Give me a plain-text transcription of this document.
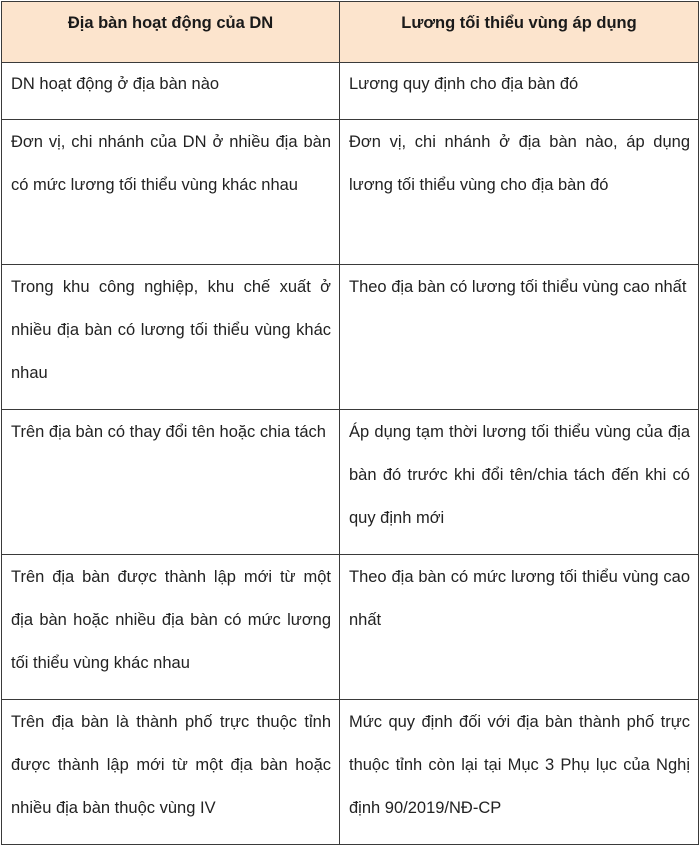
Địa bàn hoạt động của DN	Lương tối thiểu vùng áp dụng

DN hoạt động ở địa bàn nào	Lương quy định cho địa bàn đó

Đơn vị, chi nhánh của DN ở nhiều địa bàn có mức lương tối thiểu vùng khác nhau	Đơn vị, chi nhánh ở địa bàn nào, áp dụng lương tối thiểu vùng cho địa bàn đó

Trong khu công nghiệp, khu chế xuất ở nhiều địa bàn có lương tối thiểu vùng khác nhau	Theo địa bàn có lương tối thiểu vùng cao nhất

Trên địa bàn có thay đổi tên hoặc chia tách	Áp dụng tạm thời lương tối thiểu vùng của địa bàn đó trước khi đổi tên/chia tách đến khi có quy định mới

Trên địa bàn được thành lập mới từ một địa bàn hoặc nhiều địa bàn có mức lương tối thiểu vùng khác nhau	Theo địa bàn có mức lương tối thiểu vùng cao nhất

Trên địa bàn là thành phố trực thuộc tỉnh được thành lập mới từ một địa bàn hoặc nhiều địa bàn thuộc vùng IV	Mức quy định đối với địa bàn thành phố trực thuộc tỉnh còn lại tại Mục 3 Phụ lục của Nghị định 90/2019/NĐ-CP
